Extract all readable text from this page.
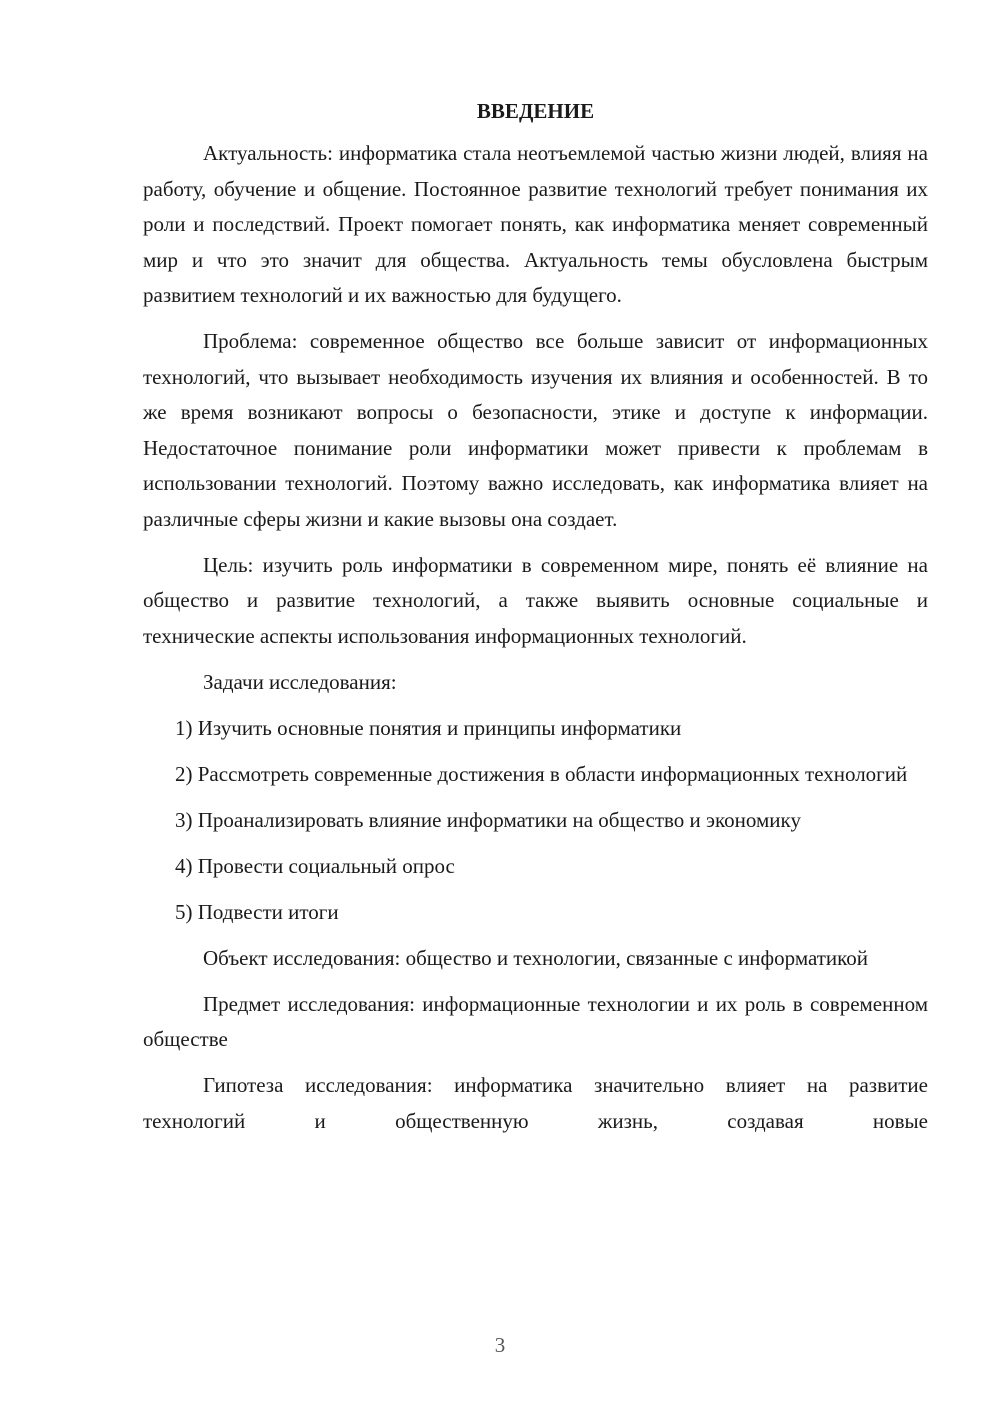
ВВЕДЕНИЕ

Актуальность: информатика стала неотъемлемой частью жизни людей, влияя на работу, обучение и общение. Постоянное развитие технологий требует понимания их роли и последствий. Проект помогает понять, как информатика меняет современный мир и что это значит для общества. Актуальность темы обусловлена быстрым развитием технологий и их важностью для будущего.

Проблема: современное общество все больше зависит от информационных технологий, что вызывает необходимость изучения их влияния и особенностей. В то же время возникают вопросы о безопасности, этике и доступе к информации. Недостаточное понимание роли информатики может привести к проблемам в использовании технологий. Поэтому важно исследовать, как информатика влияет на различные сферы жизни и какие вызовы она создает.

Цель: изучить роль информатики в современном мире, понять её влияние на общество и развитие технологий, а также выявить основные социальные и технические аспекты использования информационных технологий.

Задачи исследования:

1) Изучить основные понятия и принципы информатики

2) Рассмотреть современные достижения в области информационных технологий

3) Проанализировать влияние информатики на общество и экономику

4) Провести социальный опрос

5) Подвести итоги

Объект исследования: общество и технологии, связанные с информатикой

Предмет исследования: информационные технологии и их роль в современном обществе

Гипотеза исследования: информатика значительно влияет на развитие технологий и общественную жизнь, создавая новые

3
